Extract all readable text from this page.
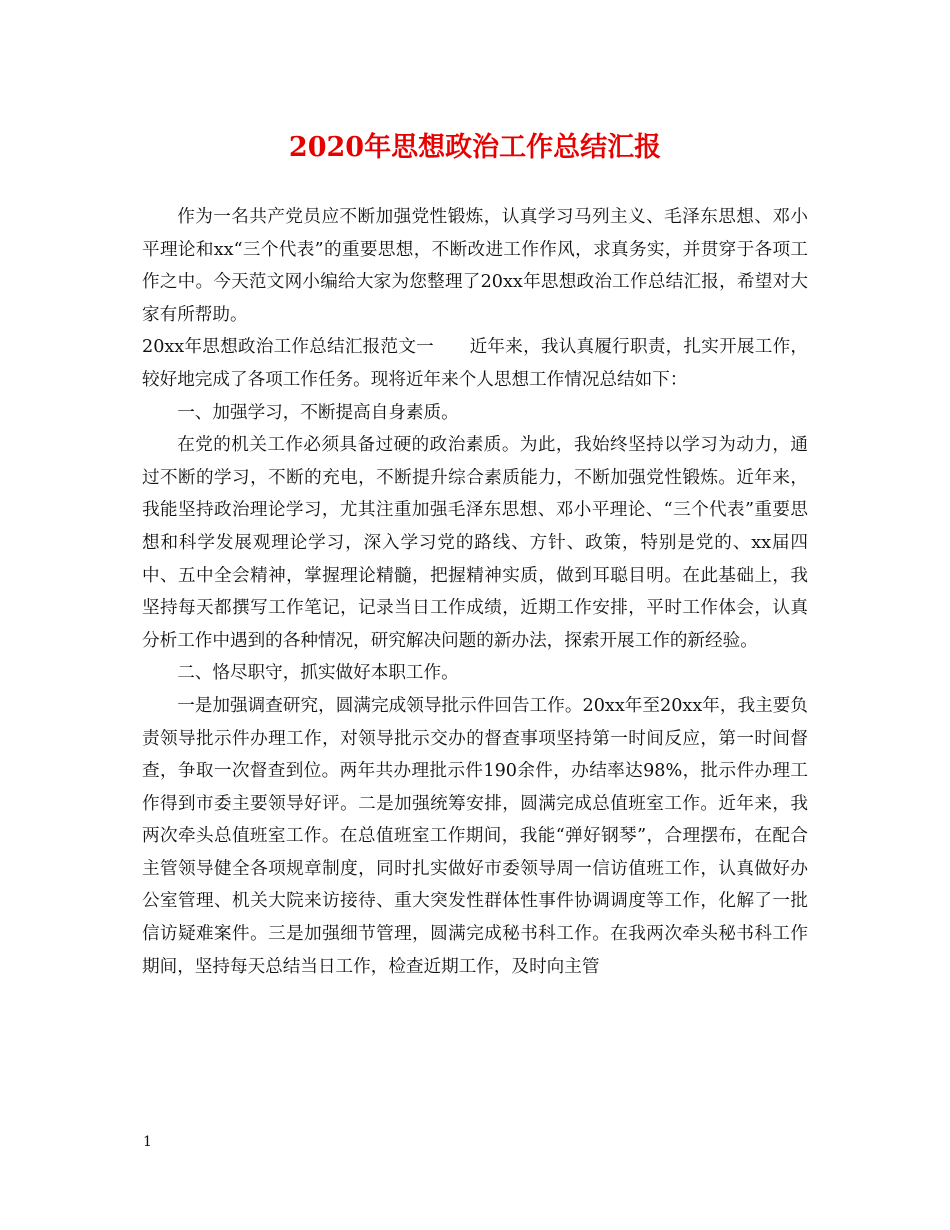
2020年思想政治工作总结汇报

作为一名共产党员应不断加强党性锻炼，认真学习马列主义、毛泽东思想、邓小平理论和xx“三个代表”的重要思想，不断改进工作作风，求真务实，并贯穿于各项工作之中。今天范文网小编给大家为您整理了20xx年思想政治工作总结汇报，希望对大家有所帮助。

20xx年思想政治工作总结汇报范文一　　近年来，我认真履行职责，扎实开展工作，较好地完成了各项工作任务。现将近年来个人思想工作情况总结如下：

一、加强学习，不断提高自身素质。

在党的机关工作必须具备过硬的政治素质。为此，我始终坚持以学习为动力，通过不断的学习，不断的充电，不断提升综合素质能力，不断加强党性锻炼。近年来，我能坚持政治理论学习，尤其注重加强毛泽东思想、邓小平理论、“三个代表”重要思想和科学发展观理论学习，深入学习党的路线、方针、政策，特别是党的、xx届四中、五中全会精神，掌握理论精髓，把握精神实质，做到耳聪目明。在此基础上，我坚持每天都撰写工作笔记，记录当日工作成绩，近期工作安排，平时工作体会，认真分析工作中遇到的各种情况，研究解决问题的新办法，探索开展工作的新经验。

二、恪尽职守，抓实做好本职工作。

一是加强调查研究，圆满完成领导批示件回告工作。20xx年至20xx年，我主要负责领导批示件办理工作，对领导批示交办的督查事项坚持第一时间反应，第一时间督查，争取一次督查到位。两年共办理批示件190余件，办结率达98%，批示件办理工作得到市委主要领导好评。二是加强统筹安排，圆满完成总值班室工作。近年来，我两次牵头总值班室工作。在总值班室工作期间，我能“弹好钢琴”，合理摆布，在配合主管领导健全各项规章制度，同时扎实做好市委领导周一信访值班工作，认真做好办公室管理、机关大院来访接待、重大突发性群体性事件协调调度等工作，化解了一批信访疑难案件。三是加强细节管理，圆满完成秘书科工作。在我两次牵头秘书科工作期间，坚持每天总结当日工作，检查近期工作，及时向主管

1
